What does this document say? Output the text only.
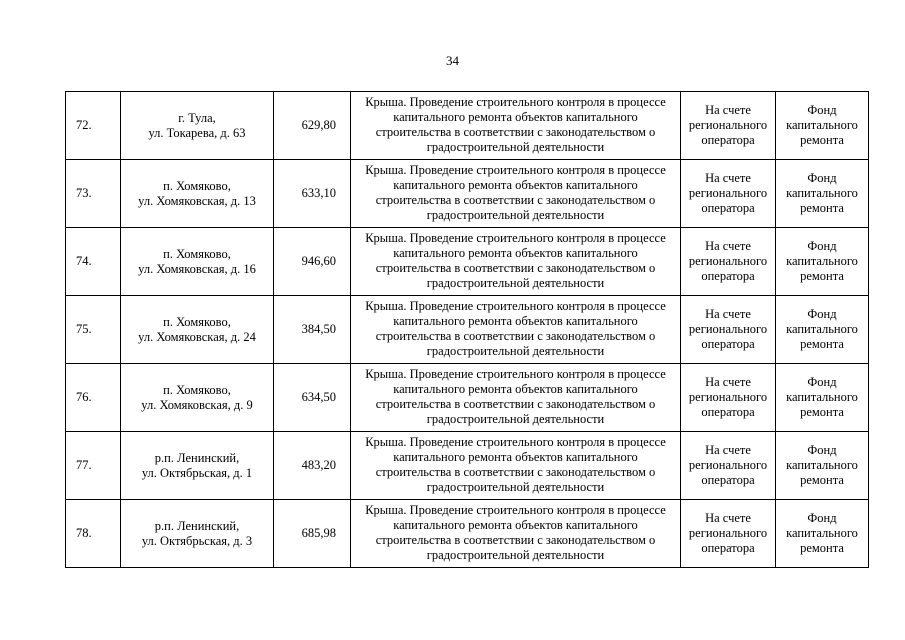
34
72.	г. Тула,
ул. Токарева, д. 63	629,80	Крыша. Проведение строительного контроля в процессе капитального ремонта объектов капитального строительства в соответствии с законодательством о градостроительной деятельности	На счете
регионального
оператора	Фонд
капитального
ремонта

73.	п. Хомяково,
ул. Хомяковская, д. 13	633,10	Крыша. Проведение строительного контроля в процессе капитального ремонта объектов капитального строительства в соответствии с законодательством о градостроительной деятельности	На счете
регионального
оператора	Фонд
капитального
ремонта

74.	п. Хомяково,
ул. Хомяковская, д. 16	946,60	Крыша. Проведение строительного контроля в процессе капитального ремонта объектов капитального строительства в соответствии с законодательством о градостроительной деятельности	На счете
регионального
оператора	Фонд
капитального
ремонта

75.	п. Хомяково,
ул. Хомяковская, д. 24	384,50	Крыша. Проведение строительного контроля в процессе капитального ремонта объектов капитального строительства в соответствии с законодательством о градостроительной деятельности	На счете
регионального
оператора	Фонд
капитального
ремонта

76.	п. Хомяково,
ул. Хомяковская, д. 9	634,50	Крыша. Проведение строительного контроля в процессе капитального ремонта объектов капитального строительства в соответствии с законодательством о градостроительной деятельности	На счете
регионального
оператора	Фонд
капитального
ремонта

77.	р.п. Ленинский,
ул. Октябрьская, д. 1	483,20	Крыша. Проведение строительного контроля в процессе капитального ремонта объектов капитального строительства в соответствии с законодательством о градостроительной деятельности	На счете
регионального
оператора	Фонд
капитального
ремонта

78.	р.п. Ленинский,
ул. Октябрьская, д. 3	685,98	Крыша. Проведение строительного контроля в процессе капитального ремонта объектов капитального строительства в соответствии с законодательством о градостроительной деятельности	На счете
регионального
оператора	Фонд
капитального
ремонта
